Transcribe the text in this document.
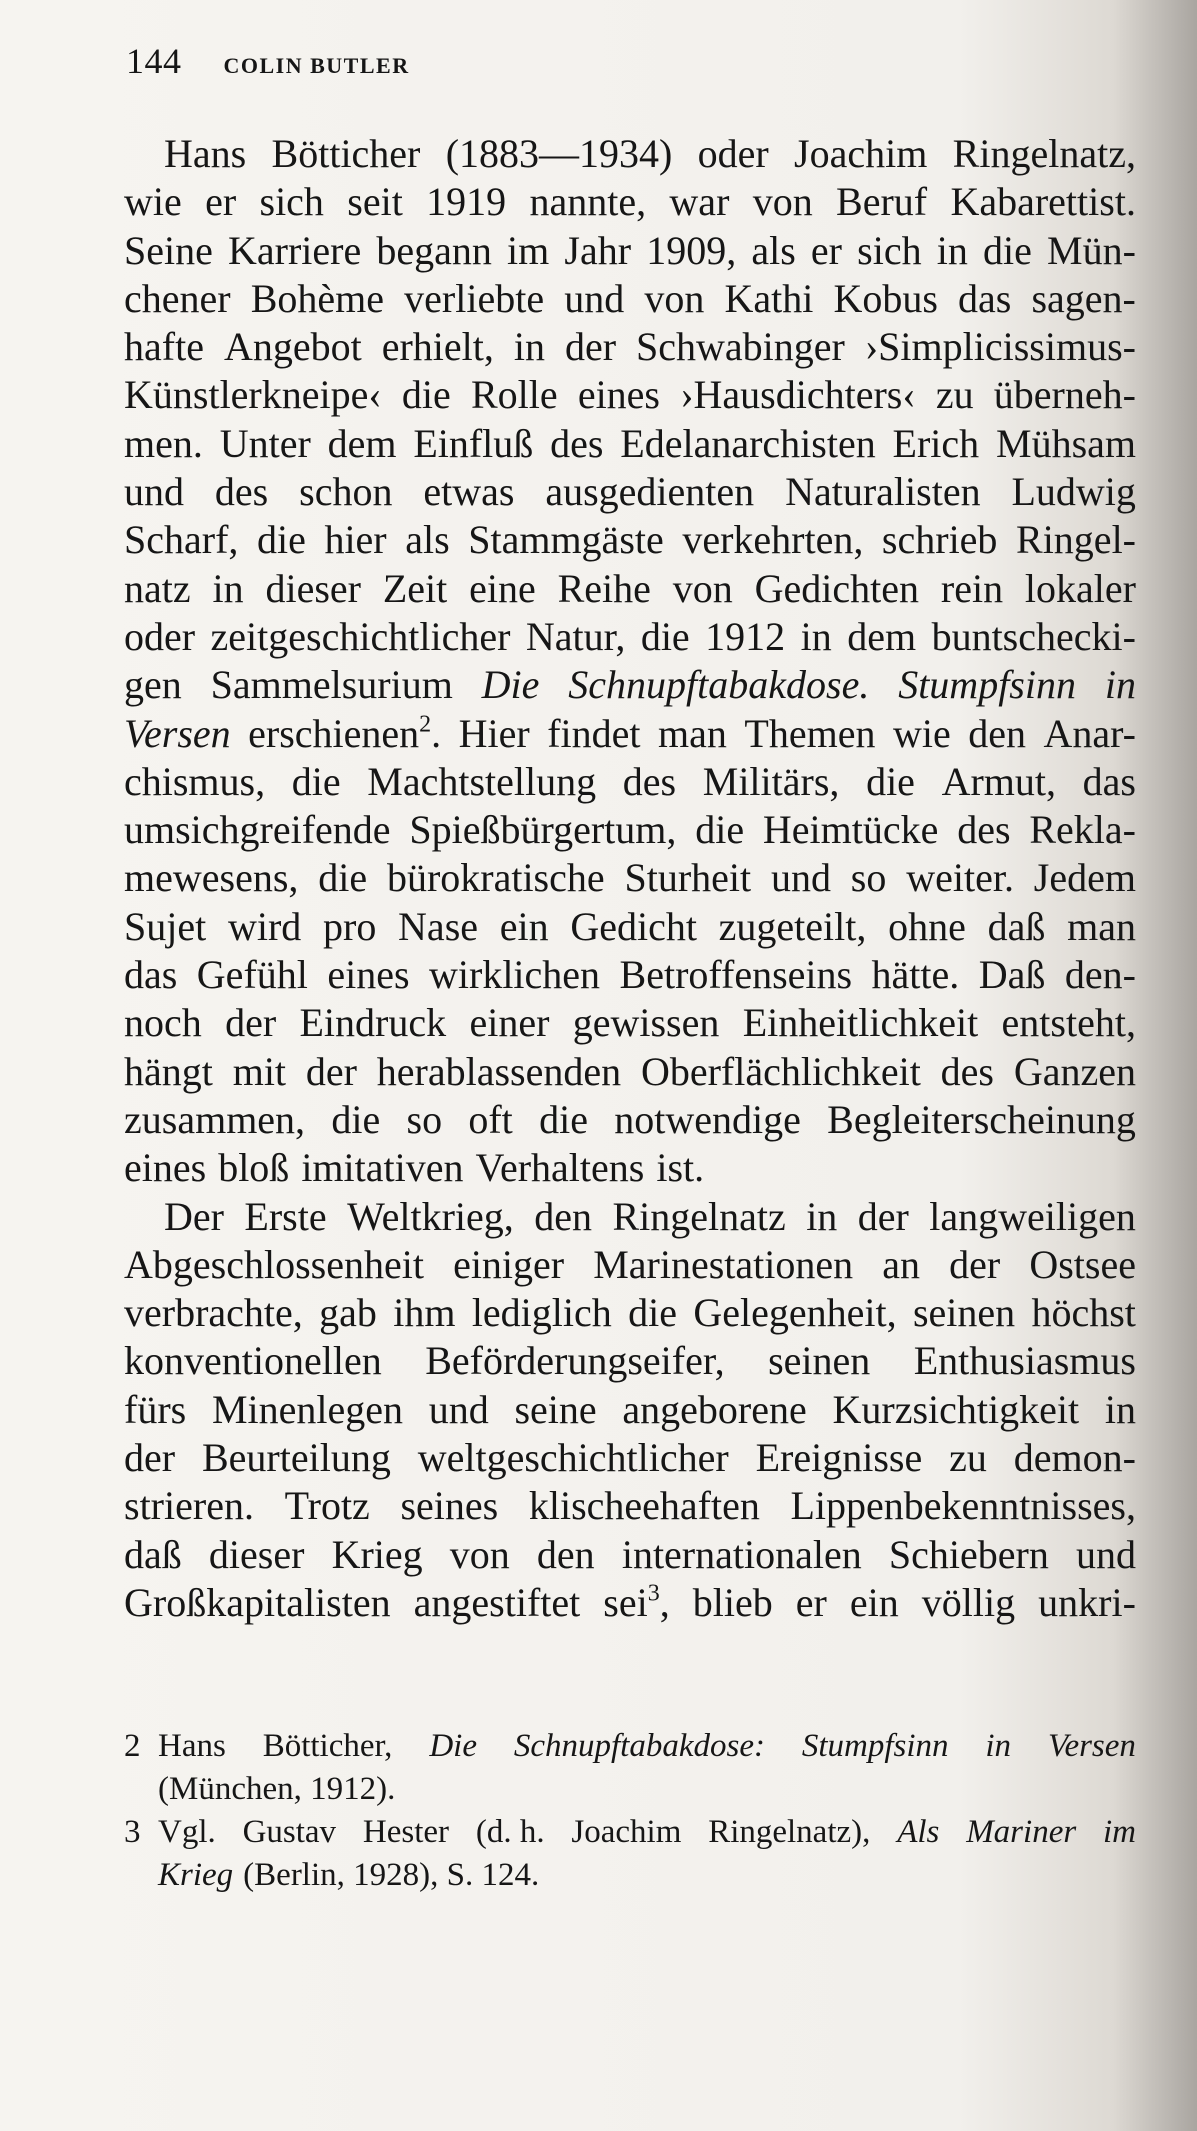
144 COLIN BUTLER
Hans Bötticher (1883—1934) oder Joachim Ringelnatz,
wie er sich seit 1919 nannte, war von Beruf Kabarettist.
Seine Karriere begann im Jahr 1909, als er sich in die Mün-
chener Bohème verliebte und von Kathi Kobus das sagen-
hafte Angebot erhielt, in der Schwabinger ›Simplicissimus-
Künstlerkneipe‹ die Rolle eines ›Hausdichters‹ zu überneh-
men. Unter dem Einfluß des Edelanarchisten Erich Mühsam
und des schon etwas ausgedienten Naturalisten Ludwig
Scharf, die hier als Stammgäste verkehrten, schrieb Ringel-
natz in dieser Zeit eine Reihe von Gedichten rein lokaler
oder zeitgeschichtlicher Natur, die 1912 in dem buntschecki-
gen Sammelsurium Die Schnupftabakdose. Stumpfsinn in
Versen erschienen$^2$. Hier findet man Themen wie den Anar-
chismus, die Machtstellung des Militärs, die Armut, das
umsichgreifende Spießbürgertum, die Heimtücke des Rekla-
mewesens, die bürokratische Sturheit und so weiter. Jedem
Sujet wird pro Nase ein Gedicht zugeteilt, ohne daß man
das Gefühl eines wirklichen Betroffenseins hätte. Daß den-
noch der Eindruck einer gewissen Einheitlichkeit entsteht,
hängt mit der herablassenden Oberflächlichkeit des Ganzen
zusammen, die so oft die notwendige Begleiterscheinung
eines bloß imitativen Verhaltens ist.
Der Erste Weltkrieg, den Ringelnatz in der langweiligen
Abgeschlossenheit einiger Marinestationen an der Ostsee
verbrachte, gab ihm lediglich die Gelegenheit, seinen höchst
konventionellen Beförderungseifer, seinen Enthusiasmus
fürs Minenlegen und seine angeborene Kurzsichtigkeit in
der Beurteilung weltgeschichtlicher Ereignisse zu demon-
strieren. Trotz seines klischeehaften Lippenbekenntnisses,
daß dieser Krieg von den internationalen Schiebern und
Großkapitalisten angestiftet sei$^3$, blieb er ein völlig unkri-
2 Hans Bötticher, Die Schnupftabakdose: Stumpfsinn in Versen
(München, 1912).
3 Vgl. Gustav Hester (d. h. Joachim Ringelnatz), Als Mariner im
Krieg (Berlin, 1928), S. 124.
